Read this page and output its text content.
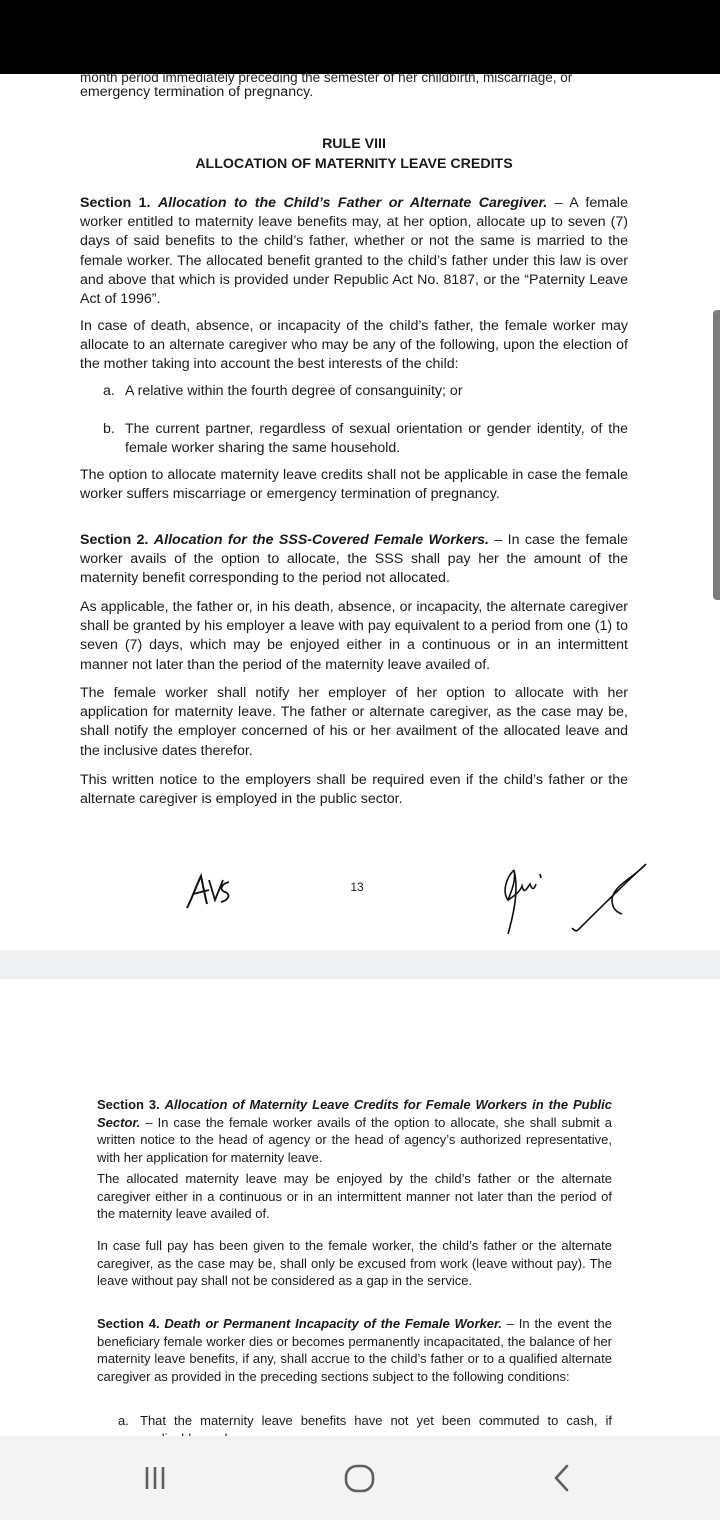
month period immediately preceding the semester of her childbirth, miscarriage, or

emergency termination of pregnancy.

RULE VIII
ALLOCATION OF MATERNITY LEAVE CREDITS

Section 1. Allocation to the Child’s Father or Alternate Caregiver. – A female worker entitled to maternity leave benefits may, at her option, allocate up to seven (7) days of said benefits to the child’s father, whether or not the same is married to the female worker. The allocated benefit granted to the child’s father under this law is over and above that which is provided under Republic Act No. 8187, or the “Paternity Leave Act of 1996”.

In case of death, absence, or incapacity of the child’s father, the female worker may allocate to an alternate caregiver who may be any of the following, upon the election of the mother taking into account the best interests of the child:

a. A relative within the fourth degree of consanguinity; or
b. The current partner, regardless of sexual orientation or gender identity, of the female worker sharing the same household.

The option to allocate maternity leave credits shall not be applicable in case the female worker suffers miscarriage or emergency termination of pregnancy.

Section 2. Allocation for the SSS-Covered Female Workers. – In case the female worker avails of the option to allocate, the SSS shall pay her the amount of the maternity benefit corresponding to the period not allocated.

As applicable, the father or, in his death, absence, or incapacity, the alternate caregiver shall be granted by his employer a leave with pay equivalent to a period from one (1) to seven (7) days, which may be enjoyed either in a continuous or in an intermittent manner not later than the period of the maternity leave availed of.

The female worker shall notify her employer of her option to allocate with her application for maternity leave. The father or alternate caregiver, as the case may be, shall notify the employer concerned of his or her availment of the allocated leave and the inclusive dates therefor.

This written notice to the employers shall be required even if the child’s father or the alternate caregiver is employed in the public sector.

13

Section 3. Allocation of Maternity Leave Credits for Female Workers in the Public Sector. – In case the female worker avails of the option to allocate, she shall submit a written notice to the head of agency or the head of agency’s authorized representative, with her application for maternity leave.

The allocated maternity leave may be enjoyed by the child’s father or the alternate caregiver either in a continuous or in an intermittent manner not later than the period of the maternity leave availed of.

In case full pay has been given to the female worker, the child’s father or the alternate caregiver, as the case may be, shall only be excused from work (leave without pay). The leave without pay shall not be considered as a gap in the service.

Section 4. Death or Permanent Incapacity of the Female Worker. – In the event the beneficiary female worker dies or becomes permanently incapacitated, the balance of her maternity leave benefits, if any, shall accrue to the child’s father or to a qualified alternate caregiver as provided in the preceding sections subject to the following conditions:

a. That the maternity leave benefits have not yet been commuted to cash, if
